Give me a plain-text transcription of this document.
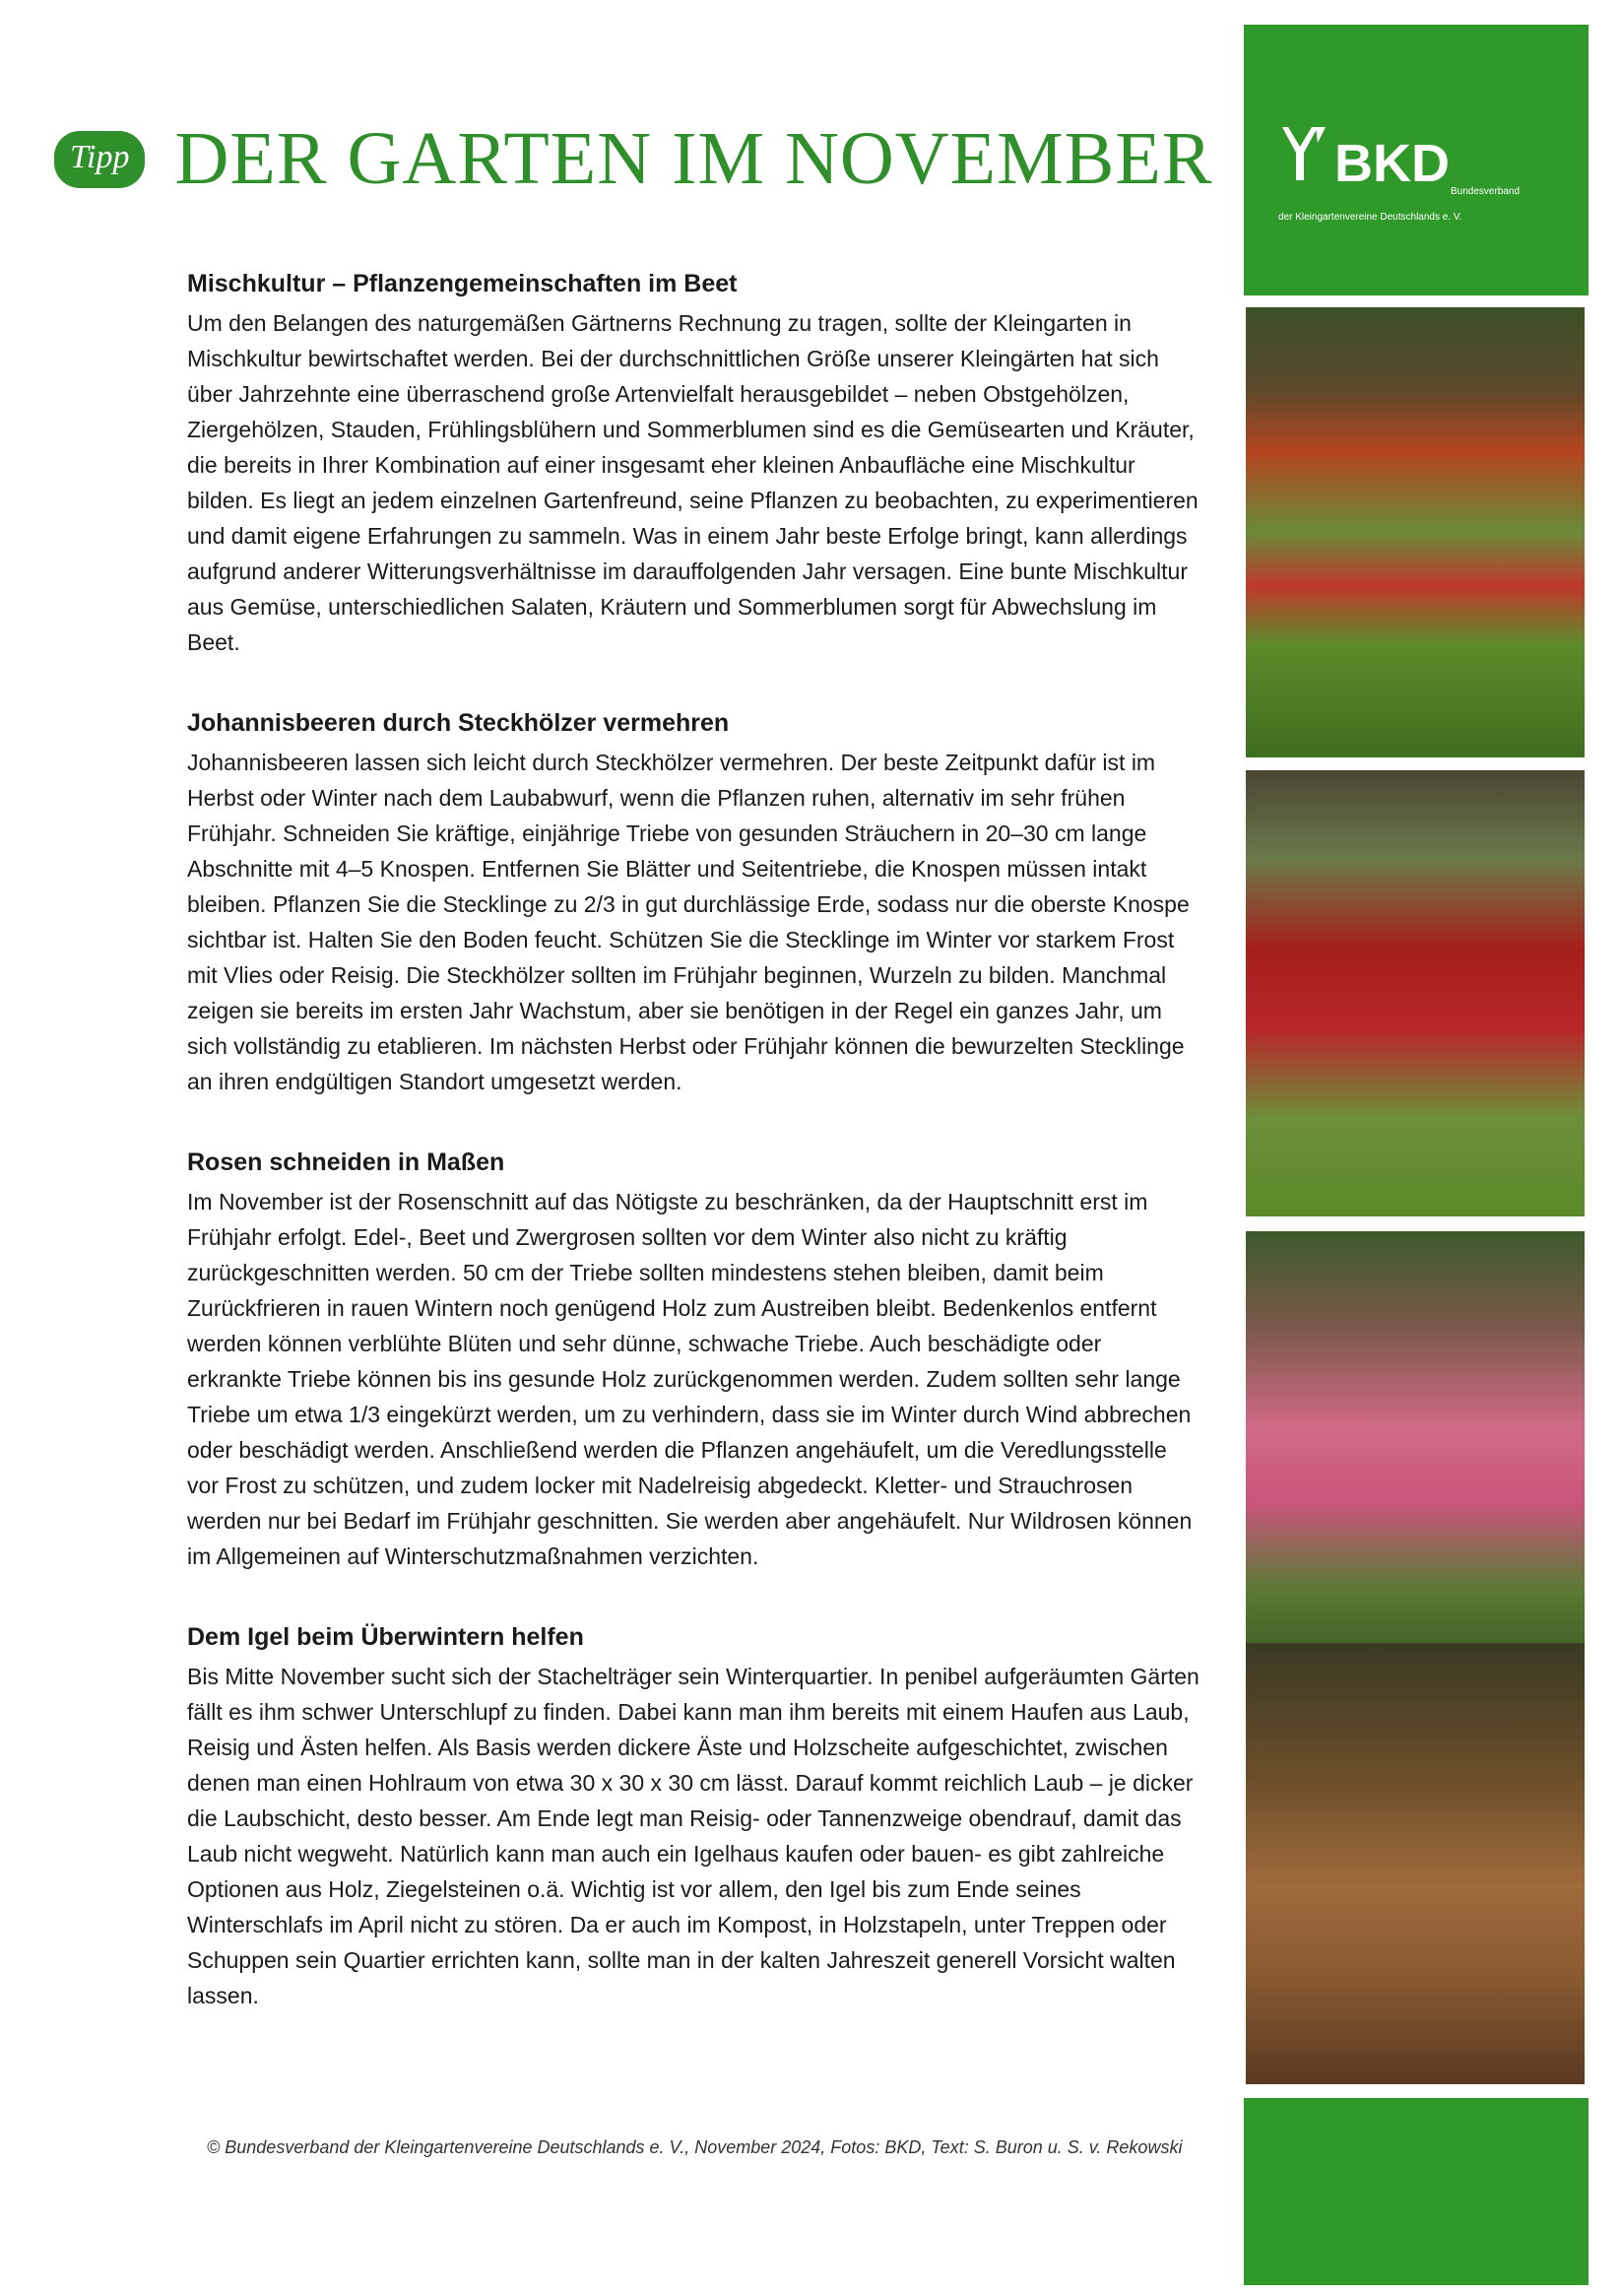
Tipp DER GARTEN IM NOVEMBER
Mischkultur – Pflanzengemeinschaften im Beet

Um den Belangen des naturgemäßen Gärtnerns Rechnung zu tragen, sollte der Kleingarten in Mischkultur bewirtschaftet werden. Bei der durchschnittlichen Größe unserer Kleingärten hat sich über Jahrzehnte eine überraschend große Artenvielfalt herausgebildet – neben Obstgehölzen, Ziergehölzen, Stauden, Frühlingsblühern und Sommerblumen sind es die Gemüsearten und Kräuter, die bereits in Ihrer Kombination auf einer insgesamt eher kleinen Anbaufläche eine Mischkultur bilden. Es liegt an jedem einzelnen Gartenfreund, seine Pflanzen zu beobachten, zu experimentieren und damit eigene Erfahrungen zu sammeln. Was in einem Jahr beste Erfolge bringt, kann allerdings aufgrund anderer Witterungsverhältnisse im darauffolgenden Jahr versagen. Eine bunte Mischkultur aus Gemüse, unterschiedlichen Salaten, Kräutern und Sommerblumen sorgt für Abwechslung im Beet.

Johannisbeeren durch Steckhölzer vermehren

Johannisbeeren lassen sich leicht durch Steckhölzer vermehren. Der beste Zeitpunkt dafür ist im Herbst oder Winter nach dem Laubabwurf, wenn die Pflanzen ruhen, alternativ im sehr frühen Frühjahr. Schneiden Sie kräftige, einjährige Triebe von gesunden Sträuchern in 20–30 cm lange Abschnitte mit 4–5 Knospen. Entfernen Sie Blätter und Seitentriebe, die Knospen müssen intakt bleiben. Pflanzen Sie die Stecklinge zu 2/3 in gut durchlässige Erde, sodass nur die oberste Knospe sichtbar ist. Halten Sie den Boden feucht. Schützen Sie die Stecklinge im Winter vor starkem Frost mit Vlies oder Reisig. Die Steckhölzer sollten im Frühjahr beginnen, Wurzeln zu bilden. Manchmal zeigen sie bereits im ersten Jahr Wachstum, aber sie benötigen in der Regel ein ganzes Jahr, um sich vollständig zu etablieren. Im nächsten Herbst oder Frühjahr können die bewurzelten Stecklinge an ihren endgültigen Standort umgesetzt werden.

Rosen schneiden in Maßen

Im November ist der Rosenschnitt auf das Nötigste zu beschränken, da der Hauptschnitt erst im Frühjahr erfolgt. Edel-, Beet und Zwergrosen sollten vor dem Winter also nicht zu kräftig zurückgeschnitten werden. 50 cm der Triebe sollten mindestens stehen bleiben, damit beim Zurückfrieren in rauen Wintern noch genügend Holz zum Austreiben bleibt. Bedenkenlos entfernt werden können verblühte Blüten und sehr dünne, schwache Triebe. Auch beschädigte oder erkrankte Triebe können bis ins gesunde Holz zurückgenommen werden. Zudem sollten sehr lange Triebe um etwa 1/3 eingekürzt werden, um zu verhindern, dass sie im Winter durch Wind abbrechen oder beschädigt werden. Anschließend werden die Pflanzen angehäufelt, um die Veredlungsstelle vor Frost zu schützen, und zudem locker mit Nadelreisig abgedeckt. Kletter- und Strauchrosen werden nur bei Bedarf im Frühjahr geschnitten. Sie werden aber angehäufelt. Nur Wildrosen können im Allgemeinen auf Winterschutzmaßnahmen verzichten.

Dem Igel beim Überwintern helfen

Bis Mitte November sucht sich der Stachelträger sein Winterquartier. In penibel aufgeräumten Gärten fällt es ihm schwer Unterschlupf zu finden. Dabei kann man ihm bereits mit einem Haufen aus Laub, Reisig und Ästen helfen. Als Basis werden dickere Äste und Holzscheite aufgeschichtet, zwischen denen man einen Hohlraum von etwa 30 x 30 x 30 cm lässt. Darauf kommt reichlich Laub – je dicker die Laubschicht, desto besser. Am Ende legt man Reisig- oder Tannenzweige obendrauf, damit das Laub nicht wegweht. Natürlich kann man auch ein Igelhaus kaufen oder bauen- es gibt zahlreiche Optionen aus Holz, Ziegelsteinen o.ä. Wichtig ist vor allem, den Igel bis zum Ende seines Winterschlafs im April nicht zu stören. Da er auch im Kompost, in Holzstapeln, unter Treppen oder Schuppen sein Quartier errichten kann, sollte man in der kalten Jahreszeit generell Vorsicht walten lassen.

BKD Bundesverband
der Kleingartenvereine Deutschlands e. V.
© Bundesverband der Kleingartenvereine Deutschlands e. V., November 2024, Fotos: BKD, Text: S. Buron u. S. v. Rekowski
